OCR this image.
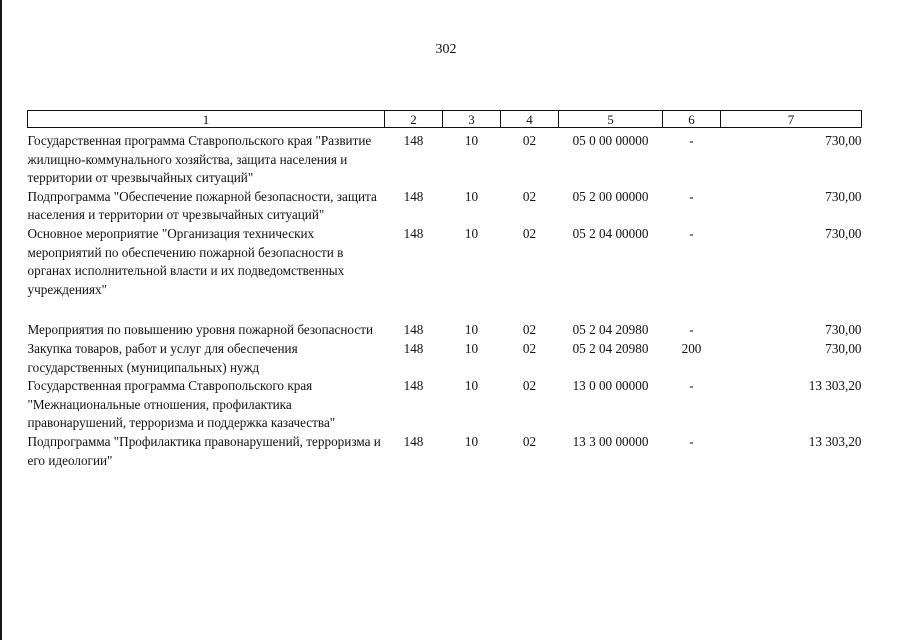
302
1	2	3	4	5	6	7
Государственная программа Ставропольского края "Развитие жилищно-коммунального хозяйства, защита населения и территории от чрезвычайных ситуаций"	148	10	02	05 0 00 00000	-	730,00
Подпрограмма "Обеспечение пожарной безопасности, защита населения и территории от чрезвычайных ситуаций"	148	10	02	05 2 00 00000	-	730,00
Основное мероприятие "Организация технических мероприятий по обеспечению пожарной безопасности в органах исполнительной власти и их подведомственных учреждениях"	148	10	02	05 2 04 00000	-	730,00

Мероприятия по повышению уровня пожарной безопасности	148	10	02	05 2 04 20980	-	730,00
Закупка товаров, работ и услуг для обеспечения государственных (муниципальных) нужд	148	10	02	05 2 04 20980	200	730,00
Государственная программа Ставропольского края "Межнациональные отношения, профилактика правонарушений, терроризма и поддержка казачества"	148	10	02	13 0 00 00000	-	13 303,20
Подпрограмма "Профилактика правонарушений, терроризма и его идеологии"	148	10	02	13 3 00 00000	-	13 303,20
